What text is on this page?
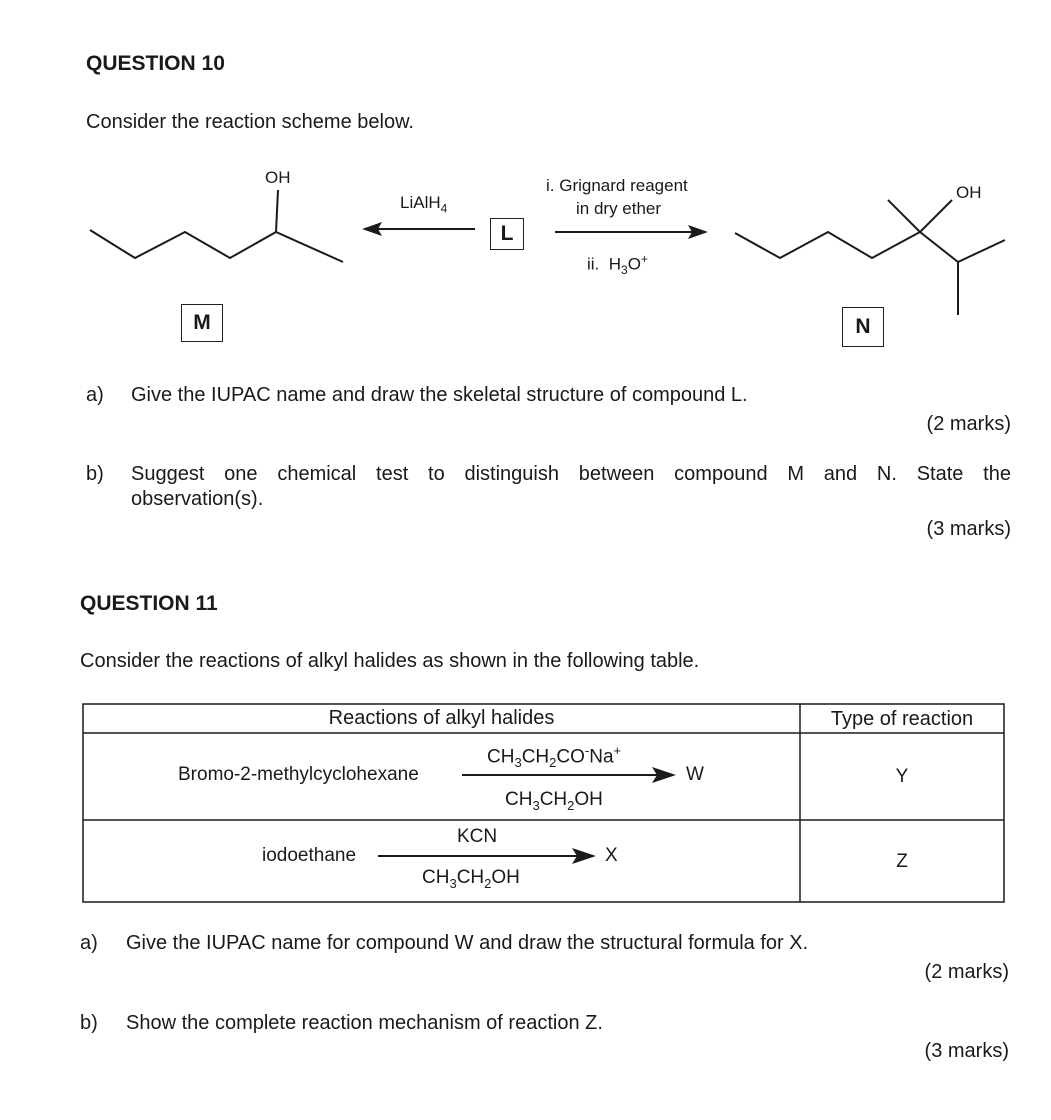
QUESTION 10
Consider the reaction scheme below.
OH
LiAlH$_4$
L
i. Grignard reagent
in dry ether
ii.  $H_3O^+$
OH
M	N
a) Give the IUPAC name and draw the skeletal structure of compound L.
(2 marks)
b) Suggest one chemical test to distinguish between compound M and N. State the
observation(s).
(3 marks)
QUESTION 11
Consider the reactions of alkyl halides as shown in the following table.
Reactions of alkyl halides	Type of reaction
Bromo-2-methylcyclohexane
$CH_3CH_2CO^-Na^+$
$CH_3CH_2OH$
W	Y
iodoethane
KCN
$CH_3CH_2OH$
X	Z
a) Give the IUPAC name for compound W and draw the structural formula for X.
(2 marks)
b) Show the complete reaction mechanism of reaction Z.
(3 marks)
